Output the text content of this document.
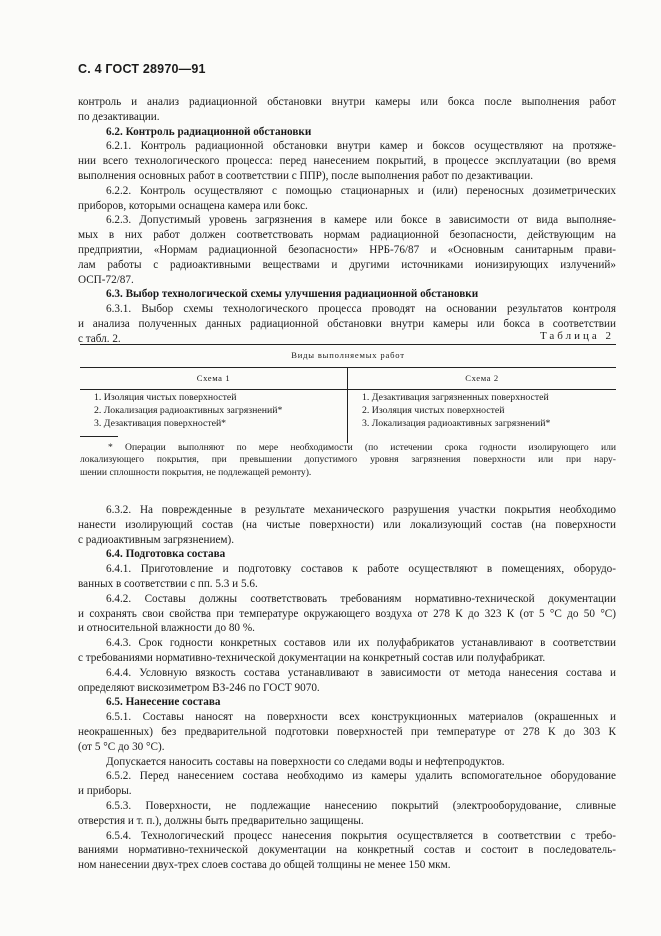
С. 4 ГОСТ 28970—91
контроль и анализ радиационной обстановки внутри камеры или бокса после выполнения работ
по дезактивации.
6.2. Контроль радиационной обстановки
6.2.1. Контроль радиационной обстановки внутри камер и боксов осуществляют на протяже-
нии всего технологического процесса: перед нанесением покрытий, в процессе эксплуатации (во время
выполнения основных работ в соответствии с ППР), после выполнения работ по дезактивации.
6.2.2. Контроль осуществляют с помощью стационарных и (или) переносных дозиметрических
приборов, которыми оснащена камера или бокс.
6.2.3. Допустимый уровень загрязнения в камере или боксе в зависимости от вида выполняе-
мых в них работ должен соответствовать нормам радиационной безопасности, действующим на
предприятии, «Нормам радиационной безопасности» НРБ-76/87 и «Основным санитарным прави-
лам работы с радиоактивными веществами и другими источниками ионизирующих излучений»
ОСП-72/87.
6.3. Выбор технологической схемы улучшения радиационной обстановки
6.3.1. Выбор схемы технологического процесса проводят на основании результатов контроля
и анализа полученных данных радиационной обстановки внутри камеры или бокса в соответствии
с табл. 2.	Таблица 2
Виды выполняемых работ
Схема 1	Схема 2
1. Изоляция чистых поверхностей
2. Локализация радиоактивных загрязнений*
3. Дезактивация поверхностей*
1. Дезактивация загрязненных поверхностей
2. Изоляция чистых поверхностей
3. Локализация радиоактивных загрязнений*
* Операции выполняют по мере необходимости (по истечении срока годности изолирующего или
локализующего покрытия, при превышении допустимого уровня загрязнения поверхности или при нару-
шении сплошности покрытия, не подлежащей ремонту).
6.3.2. На поврежденные в результате механического разрушения участки покрытия необходимо
нанести изолирующий состав (на чистые поверхности) или локализующий состав (на поверхности
с радиоактивным загрязнением).
6.4. Подготовка состава
6.4.1. Приготовление и подготовку составов к работе осуществляют в помещениях, оборудо-
ванных в соответствии с пп. 5.3 и 5.6.
6.4.2. Составы должны соответствовать требованиям нормативно-технической документации
и сохранять свои свойства при температуре окружающего воздуха от 278 К до 323 К (от 5 °С до 50 °С)
и относительной влажности до 80 %.
6.4.3. Срок годности конкретных составов или их полуфабрикатов устанавливают в соответствии
с требованиями нормативно-технической документации на конкретный состав или полуфабрикат.
6.4.4. Условную вязкость состава устанавливают в зависимости от метода нанесения состава и
определяют вискозиметром ВЗ-246 по ГОСТ 9070.
6.5. Нанесение состава
6.5.1. Составы наносят на поверхности всех конструкционных материалов (окрашенных и
неокрашенных) без предварительной подготовки поверхностей при температуре от 278 К до 303 К
(от 5 °С до 30 °С).
Допускается наносить составы на поверхности со следами воды и нефтепродуктов.
6.5.2. Перед нанесением состава необходимо из камеры удалить вспомогательное оборудование
и приборы.
6.5.3. Поверхности, не подлежащие нанесению покрытий (электрооборудование, сливные
отверстия и т. п.), должны быть предварительно защищены.
6.5.4. Технологический процесс нанесения покрытия осуществляется в соответствии с требо-
ваниями нормативно-технической документации на конкретный состав и состоит в последователь-
ном нанесении двух-трех слоев состава до общей толщины не менее 150 мкм.
